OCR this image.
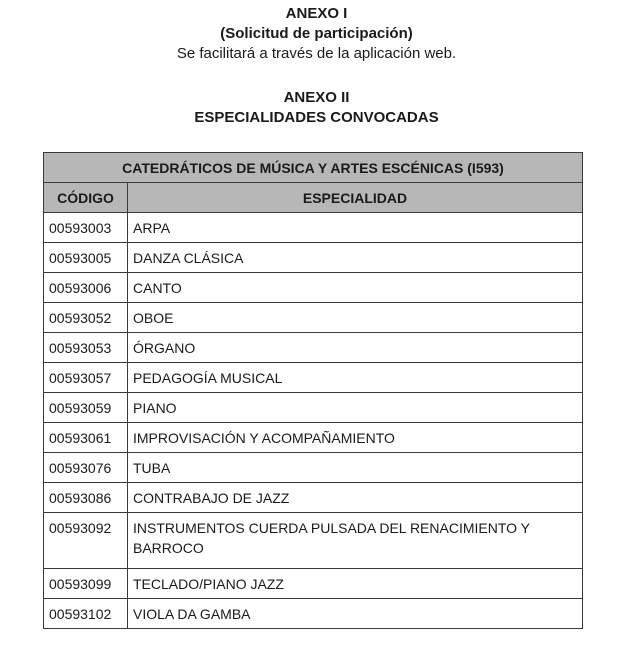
ANEXO I
(Solicitud de participación)
Se facilitará a través de la aplicación web.
ANEXO II
ESPECIALIDADES CONVOCADAS
CATEDRÁTICOS DE MÚSICA Y ARTES ESCÉNICAS (I593)	
CÓDIGO	ESPECIALIDAD
00593003	ARPA
00593005	DANZA CLÁSICA
00593006	CANTO
00593052	OBOE
00593053	ÓRGANO
00593057	PEDAGOGÍA MUSICAL
00593059	PIANO
00593061	IMPROVISACIÓN Y ACOMPAÑAMIENTO
00593076	TUBA
00593086	CONTRABAJO DE JAZZ
00593092	INSTRUMENTOS CUERDA PULSADA DEL RENACIMIENTO Y BARROCO
00593099	TECLADO/PIANO JAZZ
00593102	VIOLA DA GAMBA
